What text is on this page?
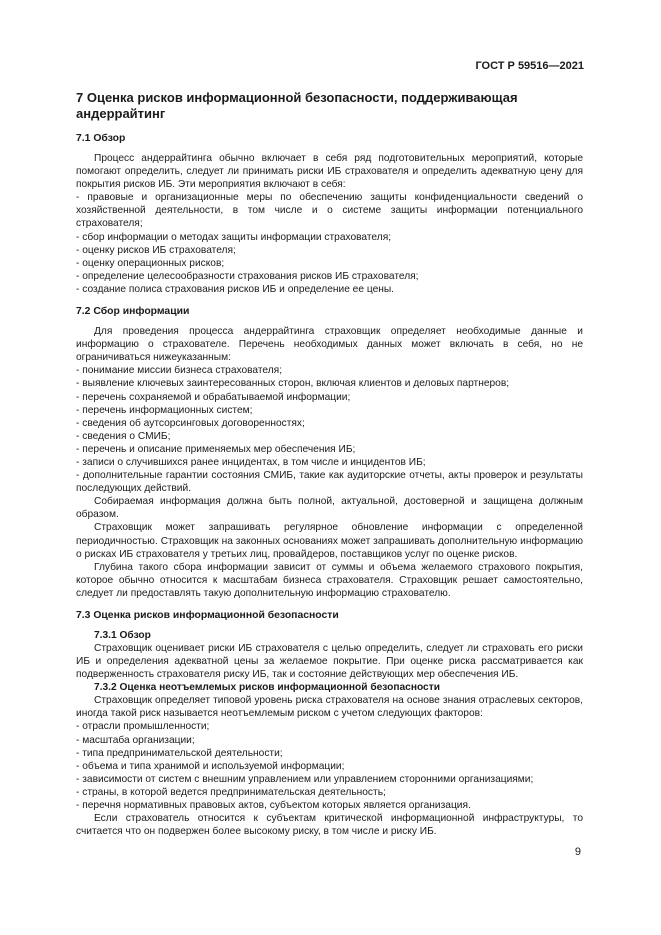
ГОСТ Р 59516—2021
7 Оценка рисков информационной безопасности, поддерживающая андеррайтинг
7.1 Обзор

Процесс андеррайтинга обычно включает в себя ряд подготовительных мероприятий, которые помогают определить, следует ли принимать риски ИБ страхователя и определить адекватную цену для покрытия рисков ИБ. Эти мероприятия включают в себя:

- правовые и организационные меры по обеспечению защиты конфиденциальности сведений о хозяйственной деятельности, в том числе и о системе защиты информации потенциального страхователя;
- сбор информации о методах защиты информации страхователя;
- оценку рисков ИБ страхователя;
- оценку операционных рисков;
- определение целесообразности страхования рисков ИБ страхователя;
- создание полиса страхования рисков ИБ и определение ее цены.
7.2 Сбор информации

Для проведения процесса андеррайтинга страховщик определяет необходимые данные и информацию о страхователе. Перечень необходимых данных может включать в себя, но не ограничиваться нижеуказанным:

- понимание миссии бизнеса страхователя;
- выявление ключевых заинтересованных сторон, включая клиентов и деловых партнеров;
- перечень сохраняемой и обрабатываемой информации;
- перечень информационных систем;
- сведения об аутсорсинговых договоренностях;
- сведения о СМИБ;
- перечень и описание применяемых мер обеспечения ИБ;
- записи о случившихся ранее инцидентах, в том числе и инцидентов ИБ;
- дополнительные гарантии состояния СМИБ, такие как аудиторские отчеты, акты проверок и результаты последующих действий.

Собираемая информация должна быть полной, актуальной, достоверной и защищена должным образом.

Страховщик может запрашивать регулярное обновление информации с определенной периодичностью. Страховщик на законных основаниях может запрашивать дополнительную информацию о рисках ИБ страхователя у третьих лиц, провайдеров, поставщиков услуг по оценке рисков.

Глубина такого сбора информации зависит от суммы и объема желаемого страхового покрытия, которое обычно относится к масштабам бизнеса страхователя. Страховщик решает самостоятельно, следует ли предоставлять такую дополнительную информацию страхователю.

7.3 Оценка рисков информационной безопасности
7.3.1 Обзор

Страховщик оценивает риски ИБ страхователя с целью определить, следует ли страховать его риски ИБ и определения адекватной цены за желаемое покрытие. При оценке риска рассматривается как подверженность страхователя риску ИБ, так и состояние действующих мер обеспечения ИБ.

7.3.2 Оценка неотъемлемых рисков информационной безопасности

Страховщик определяет типовой уровень риска страхователя на основе знания отраслевых секторов, иногда такой риск называется неотъемлемым риском с учетом следующих факторов:

- отрасли промышленности;
- масштаба организации;
- типа предпринимательской деятельности;
- объема и типа хранимой и используемой информации;
- зависимости от систем с внешним управлением или управлением сторонними организациями;
- страны, в которой ведется предпринимательская деятельность;
- перечня нормативных правовых актов, субъектом которых является организация.

Если страхователь относится к субъектам критической информационной инфраструктуры, то считается что он подвержен более высокому риску, в том числе и риску ИБ.

9
